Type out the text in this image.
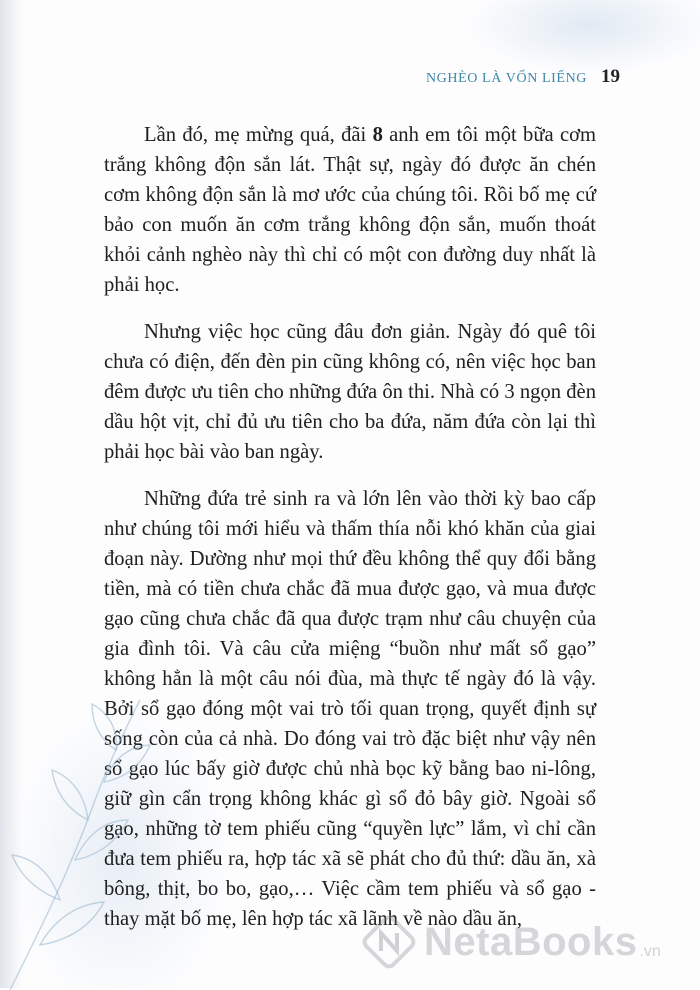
NGHÈO LÀ VỐN LIẾNG 19

Lần đó, mẹ mừng quá, đãi 8 anh em tôi một bữa cơm trắng không độn sắn lát. Thật sự, ngày đó được ăn chén cơm không độn sắn là mơ ước của chúng tôi. Rồi bố mẹ cứ bảo con muốn ăn cơm trắng không độn sắn, muốn thoát khỏi cảnh nghèo này thì chỉ có một con đường duy nhất là phải học.

Nhưng việc học cũng đâu đơn giản. Ngày đó quê tôi chưa có điện, đến đèn pin cũng không có, nên việc học ban đêm được ưu tiên cho những đứa ôn thi. Nhà có 3 ngọn đèn dầu hột vịt, chỉ đủ ưu tiên cho ba đứa, năm đứa còn lại thì phải học bài vào ban ngày.

Những đứa trẻ sinh ra và lớn lên vào thời kỳ bao cấp như chúng tôi mới hiểu và thấm thía nỗi khó khăn của giai đoạn này. Dường như mọi thứ đều không thể quy đổi bằng tiền, mà có tiền chưa chắc đã mua được gạo, và mua được gạo cũng chưa chắc đã qua được trạm như câu chuyện của gia đình tôi. Và câu cửa miệng “buồn như mất sổ gạo” không hẳn là một câu nói đùa, mà thực tế ngày đó là vậy. Bởi sổ gạo đóng một vai trò tối quan trọng, quyết định sự sống còn của cả nhà. Do đóng vai trò đặc biệt như vậy nên sổ gạo lúc bấy giờ được chủ nhà bọc kỹ bằng bao ni-lông, giữ gìn cẩn trọng không khác gì sổ đỏ bây giờ. Ngoài sổ gạo, những tờ tem phiếu cũng “quyền lực” lắm, vì chỉ cần đưa tem phiếu ra, hợp tác xã sẽ phát cho đủ thứ: dầu ăn, xà bông, thịt, bo bo, gạo,… Việc cầm tem phiếu và sổ gạo - thay mặt bố mẹ, lên hợp tác xã lãnh về nào dầu ăn,

NetaBooks .vn
